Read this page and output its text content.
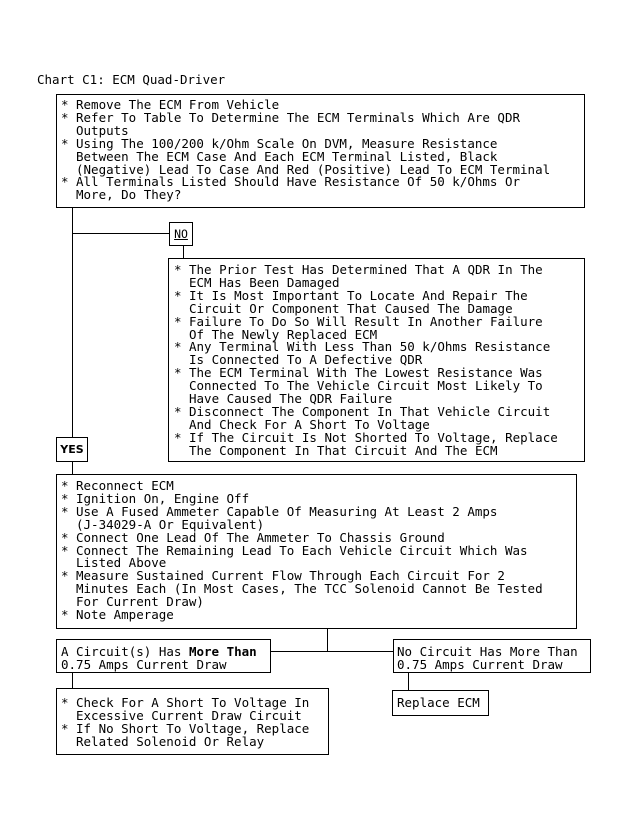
Chart C1: ECM Quad-Driver
* Remove The ECM From Vehicle
* Refer To Table To Determine The ECM Terminals Which Are QDR
Outputs
* Using The 100/200 k/Ohm Scale On DVM, Measure Resistance
Between The ECM Case And Each ECM Terminal Listed, Black
(Negative) Lead To Case And Red (Positive) Lead To ECM Terminal
* All Terminals Listed Should Have Resistance Of 50 k/Ohms Or
More, Do They?
NO
* The Prior Test Has Determined That A QDR In The
ECM Has Been Damaged
* It Is Most Important To Locate And Repair The
Circuit Or Component That Caused The Damage
* Failure To Do So Will Result In Another Failure
Of The Newly Replaced ECM
* Any Terminal With Less Than 50 k/Ohms Resistance
Is Connected To A Defective QDR
* The ECM Terminal With The Lowest Resistance Was
Connected To The Vehicle Circuit Most Likely To
Have Caused The QDR Failure
* Disconnect The Component In That Vehicle Circuit
And Check For A Short To Voltage
* If The Circuit Is Not Shorted To Voltage, Replace
The Component In That Circuit And The ECM
YES
* Reconnect ECM
* Ignition On, Engine Off
* Use A Fused Ammeter Capable Of Measuring At Least 2 Amps
(J-34029-A Or Equivalent)
* Connect One Lead Of The Ammeter To Chassis Ground
* Connect The Remaining Lead To Each Vehicle Circuit Which Was
Listed Above
* Measure Sustained Current Flow Through Each Circuit For 2
Minutes Each (In Most Cases, The TCC Solenoid Cannot Be Tested
For Current Draw)
* Note Amperage
A Circuit(s) Has More Than
0.75 Amps Current Draw
No Circuit Has More Than
0.75 Amps Current Draw
* Check For A Short To Voltage In
Excessive Current Draw Circuit
* If No Short To Voltage, Replace
Related Solenoid Or Relay
Replace ECM
